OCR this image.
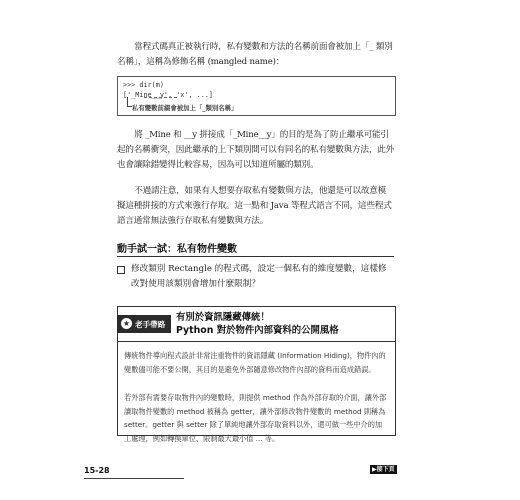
當程式碼真正被執行時，私有變數和方法的名稱前面會被加上「_ 類別名稱」，這稱為修飾名稱 (mangled name)：

>>> dir(m)
['_Mine__y', 'x', ...]
私有變數前綴會被加上「_類別名稱」

將 _Mine 和 __y 拼接成「_Mine__y」的目的是為了防止繼承可能引起的名稱衝突，因此繼承的上下類別間可以有同名的私有變數與方法，此外也會讓除錯變得比較容易，因為可以知道所屬的類別。

不過請注意，如果有人想要存取私有變數與方法，他還是可以故意模擬這種拼接的方式來強行存取。這一點和 Java 等程式語言不同，這些程式語言通常無法強行存取私有變數與方法。

動手試一試：私有物件變數
修改類別 Rectangle 的程式碼，設定一個私有的維度變數，這樣修改對使用該類別會增加什麼限制？
★ 老手帶路
有別於資訊隱藏傳統！
Python 對於物件內部資料的公開風格
傳統物件導向程式設計非常注重物件的資訊隱藏 (Information Hiding)，物件內的變數儘可能不要公開，其目的是避免外部隨意修改物件內部的資料而造成錯誤。
若外部有需要存取物件內的變數時，則提供 method 作為外部存取的介面，讓外部讀取物件變數的 method 被稱為 getter，讓外部修改物件變數的 method 則稱為 setter。getter 與 setter 除了單純地讓外部存取資料以外，還可做一些中介的加工處理，例如轉換單位、限制最大最小值 ... 等。
15-28	▶接下頁
